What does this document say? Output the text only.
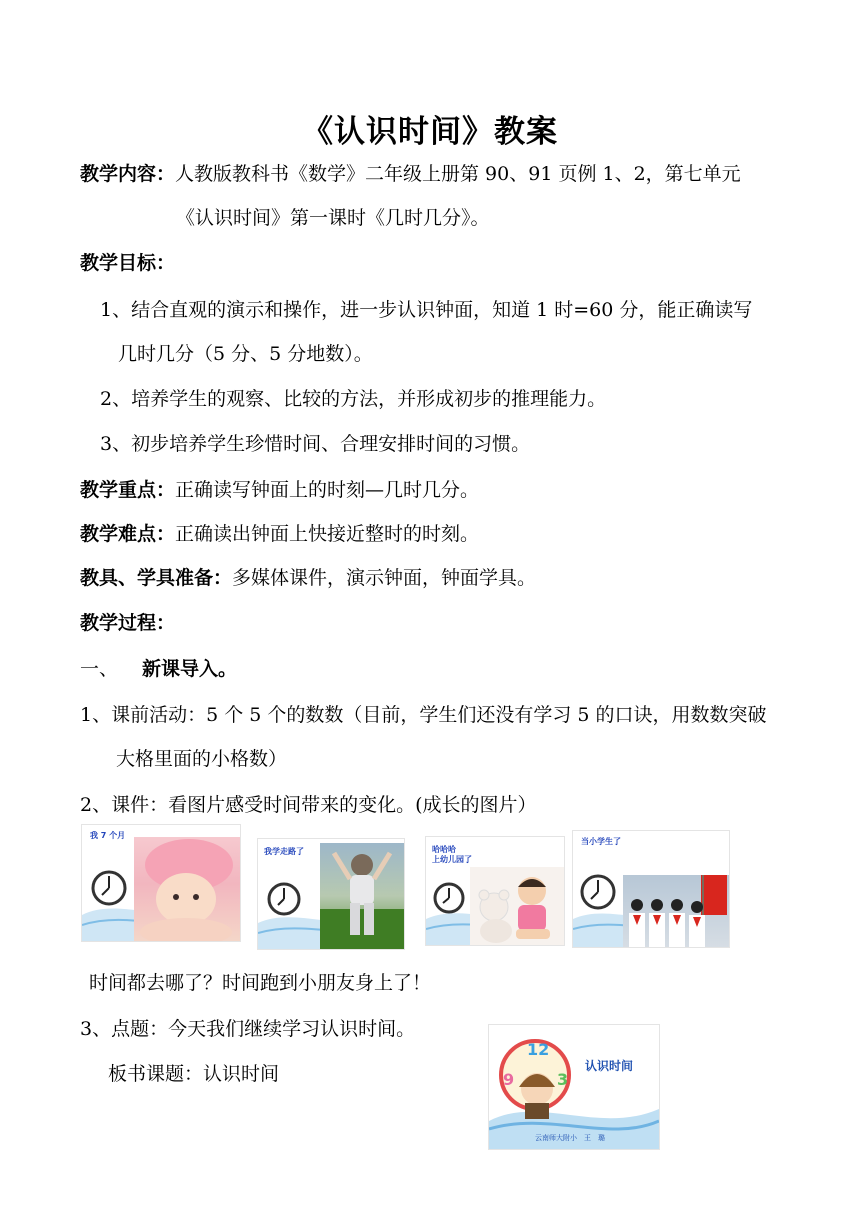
《认识时间》教案
教学内容：人教版教科书《数学》二年级上册第 90、91 页例 1、2，第七单元
《认识时间》第一课时《几时几分》。
教学目标：
1、结合直观的演示和操作，进一步认识钟面，知道 1 时=60 分，能正确读写
几时几分（5 分、5 分地数）。
2、培养学生的观察、比较的方法，并形成初步的推理能力。
3、初步培养学生珍惜时间、合理安排时间的习惯。
教学重点：正确读写钟面上的时刻—几时几分。
教学难点：正确读出钟面上快接近整时的时刻。
教具、学具准备：多媒体课件，演示钟面，钟面学具。
教学过程：
一、 新课导入。
1、课前活动：5 个 5 个的数数（目前，学生们还没有学习 5 的口诀，用数数突破
大格里面的小格数）
2、课件：看图片感受时间带来的变化。(成长的图片）
我 7 个月
我学走路了	哈哈哈
上幼儿园了
当小学生了
时间都去哪了？时间跑到小朋友身上了！
3、点题：今天我们继续学习认识时间。
板书课题：认识时间
12
9	3
认识时间
云南师大附小　王　璐
